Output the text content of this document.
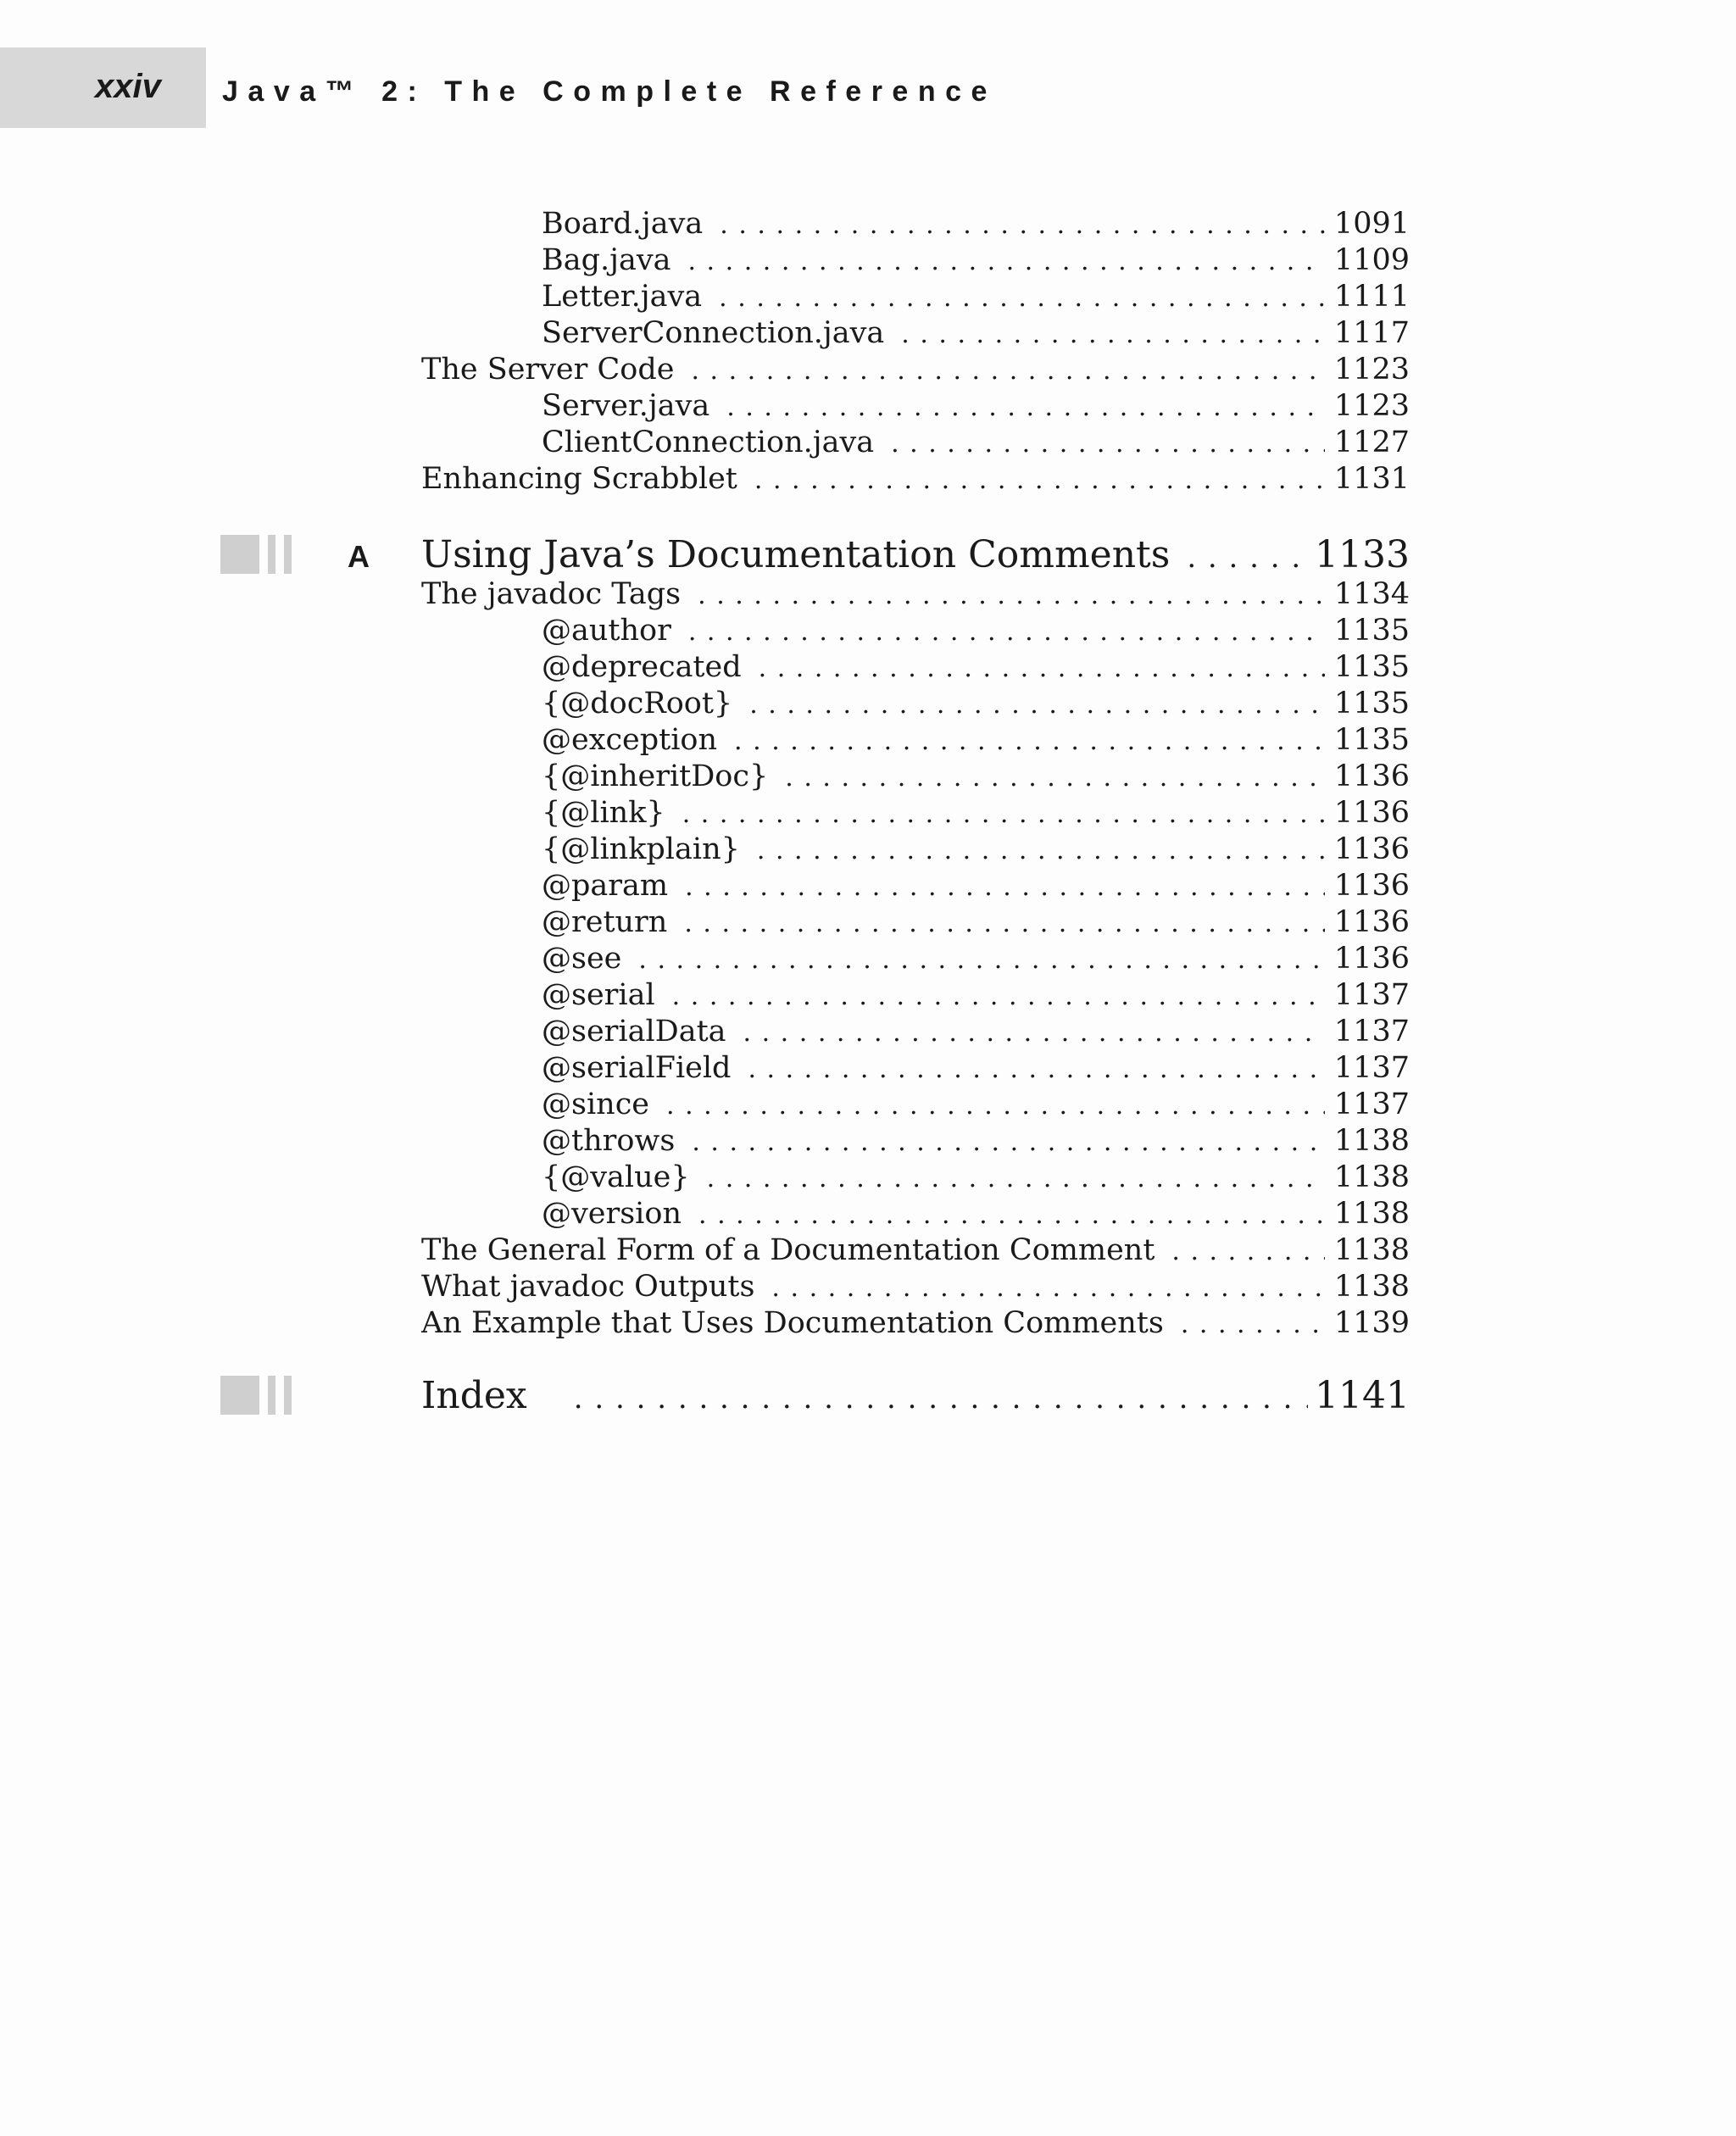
xxiv Java™ 2: The Complete Reference
Board.java . . .	1091
Bag.java . . .	1109
Letter.java . . .	1111
ServerConnection.java . . .	1117
The Server Code . . .	1123
Server.java . . .	1123
ClientConnection.java . . .	1127
Enhancing Scrabblet . . .	1131
A Using Java’s Documentation Comments . . .	1133
The javadoc Tags . . .	1134
@author . . .	1135
@deprecated . . .	1135
{@docRoot} . . .	1135
@exception . . .	1135
{@inheritDoc} . . .	1136
{@link} . . .	1136
{@linkplain} . . .	1136
@param . . .	1136
@return . . .	1136
@see . . .	1136
@serial . . .	1137
@serialData . . .	1137
@serialField . . .	1137
@since . . .	1137
@throws . . .	1138
{@value} . . .	1138
@version . . .	1138
The General Form of a Documentation Comment . . .	1138
What javadoc Outputs . . .	1138
An Example that Uses Documentation Comments . . .	1139
Index . . .	1141
